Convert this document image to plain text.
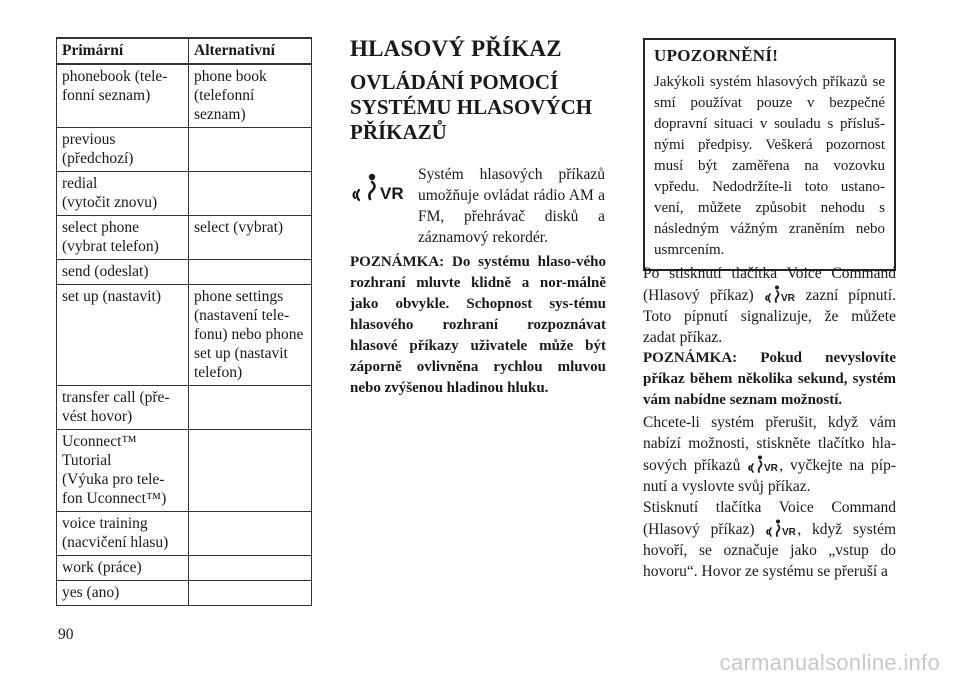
Primární	Alternativní

phonebook (tele-
fonní seznam)	phone book
(telefonní
seznam)

previous
(předchozí)	

redial
(vytočit znovu)	

select phone
(vybrat telefon)	select (vybrat)

send (odeslat)	

set up (nastavit)	phone settings
(nastavení tele-
fonu) nebo phone
set up (nastavit
telefon)

transfer call (pře-
vést hovor)	

Uconnect™
Tutorial
(Výuka pro tele-
fon Uconnect™)	

voice training
(nacvičení hlasu)	

work (práce)	

yes (ano)	

HLASOVÝ PŘÍKAZ
OVLÁDÁNÍ POMOCÍ SYSTÉMU HLASOVÝCH PŘÍKAZŮ
VR
Systém hlasových příkazů umožňuje ovládat rádio AM a FM, přehrávač disků a záznamový rekordér.
POZNÁMKA: Do systému hlaso-vého rozhraní mluvte klidně a nor-málně jako obvykle. Schopnost sys-tému hlasového rozhraní rozpoznávat hlasové příkazy uživatele může být záporně ovlivněna rychlou mluvou nebo zvýšenou hladinou hluku.
UPOZORNĚNÍ!

Jakýkoli systém hlasových příkazů se smí používat pouze v bezpečné dopravní situaci v souladu s přísluš-nými předpisy. Veškerá pozornost musí být zaměřena na vozovku vpředu. Nedodržíte-li toto ustano-vení, můžete způsobit nehodu s následným vážným zraněním nebo usmrcením.

Po stisknutí tlačítka Voice Command (Hlasový příkaz) VR zazní pípnutí. Toto pípnutí signalizuje, že můžete zadat příkaz.
POZNÁMKA: Pokud nevyslovíte příkaz během několika sekund, systém vám nabídne seznam možností.
Chcete-li systém přerušit, když vám nabízí možnosti, stiskněte tlačítko hla-sových příkazů VR , vyčkejte na píp-nutí a vyslovte svůj příkaz.
Stisknutí tlačítka Voice Command (Hlasový příkaz) VR , když systém hovoří, se označuje jako „vstup do hovoru“. Hovor ze systému se přeruší a
90
carmanualsonline.info
